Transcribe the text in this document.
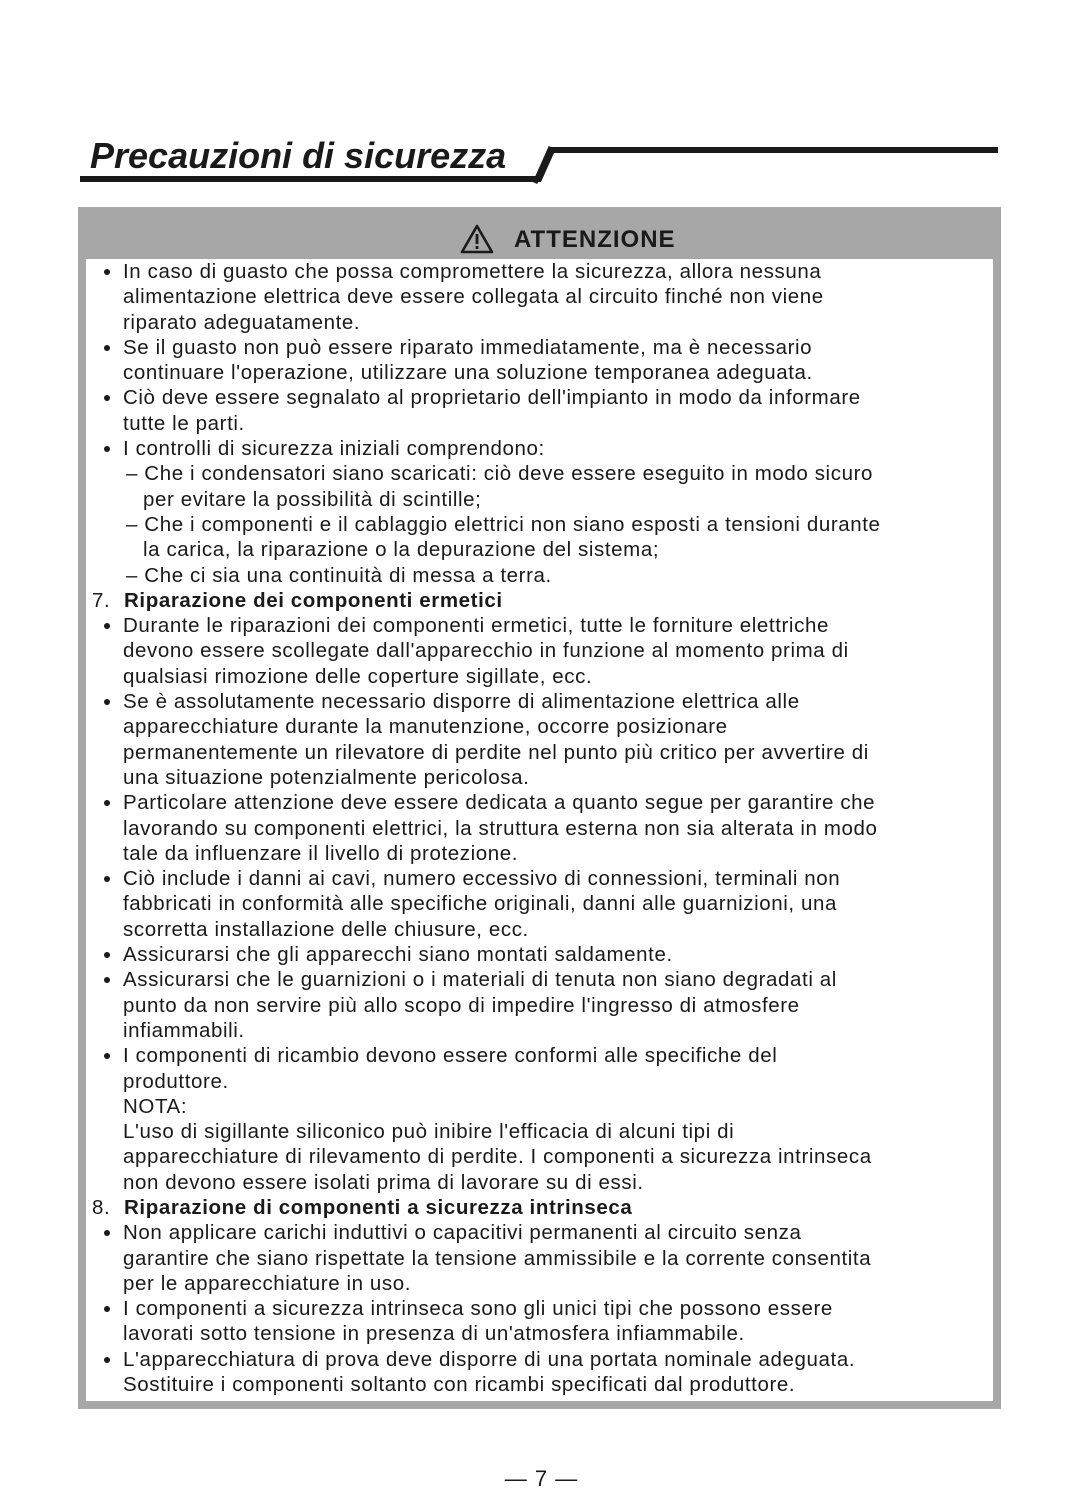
Precauzioni di sicurezza
ATTENZIONE
In caso di guasto che possa compromettere la sicurezza, allora nessuna
alimentazione elettrica deve essere collegata al circuito finché non viene
riparato adeguatamente.
Se il guasto non può essere riparato immediatamente, ma è necessario
continuare l'operazione, utilizzare una soluzione temporanea adeguata.
Ciò deve essere segnalato al proprietario dell'impianto in modo da informare
tutte le parti.
I controlli di sicurezza iniziali comprendono:
– Che i condensatori siano scaricati: ciò deve essere eseguito in modo sicuro
per evitare la possibilità di scintille;
– Che i componenti e il cablaggio elettrici non siano esposti a tensioni durante
la carica, la riparazione o la depurazione del sistema;
– Che ci sia una continuità di messa a terra.
7. Riparazione dei componenti ermetici
Durante le riparazioni dei componenti ermetici, tutte le forniture elettriche
devono essere scollegate dall'apparecchio in funzione al momento prima di
qualsiasi rimozione delle coperture sigillate, ecc.
Se è assolutamente necessario disporre di alimentazione elettrica alle
apparecchiature durante la manutenzione, occorre posizionare
permanentemente un rilevatore di perdite nel punto più critico per avvertire di
una situazione potenzialmente pericolosa.
Particolare attenzione deve essere dedicata a quanto segue per garantire che
lavorando su componenti elettrici, la struttura esterna non sia alterata in modo
tale da influenzare il livello di protezione.
Ciò include i danni ai cavi, numero eccessivo di connessioni, terminali non
fabbricati in conformità alle specifiche originali, danni alle guarnizioni, una
scorretta installazione delle chiusure, ecc.
Assicurarsi che gli apparecchi siano montati saldamente.
Assicurarsi che le guarnizioni o i materiali di tenuta non siano degradati al
punto da non servire più allo scopo di impedire l'ingresso di atmosfere
infiammabili.
I componenti di ricambio devono essere conformi alle specifiche del
produttore.
NOTA:
L'uso di sigillante siliconico può inibire l'efficacia di alcuni tipi di
apparecchiature di rilevamento di perdite. I componenti a sicurezza intrinseca
non devono essere isolati prima di lavorare su di essi.
8. Riparazione di componenti a sicurezza intrinseca
Non applicare carichi induttivi o capacitivi permanenti al circuito senza
garantire che siano rispettate la tensione ammissibile e la corrente consentita
per le apparecchiature in uso.
I componenti a sicurezza intrinseca sono gli unici tipi che possono essere
lavorati sotto tensione in presenza di un'atmosfera infiammabile.
L'apparecchiatura di prova deve disporre di una portata nominale adeguata.
Sostituire i componenti soltanto con ricambi specificati dal produttore.
— 7 —
